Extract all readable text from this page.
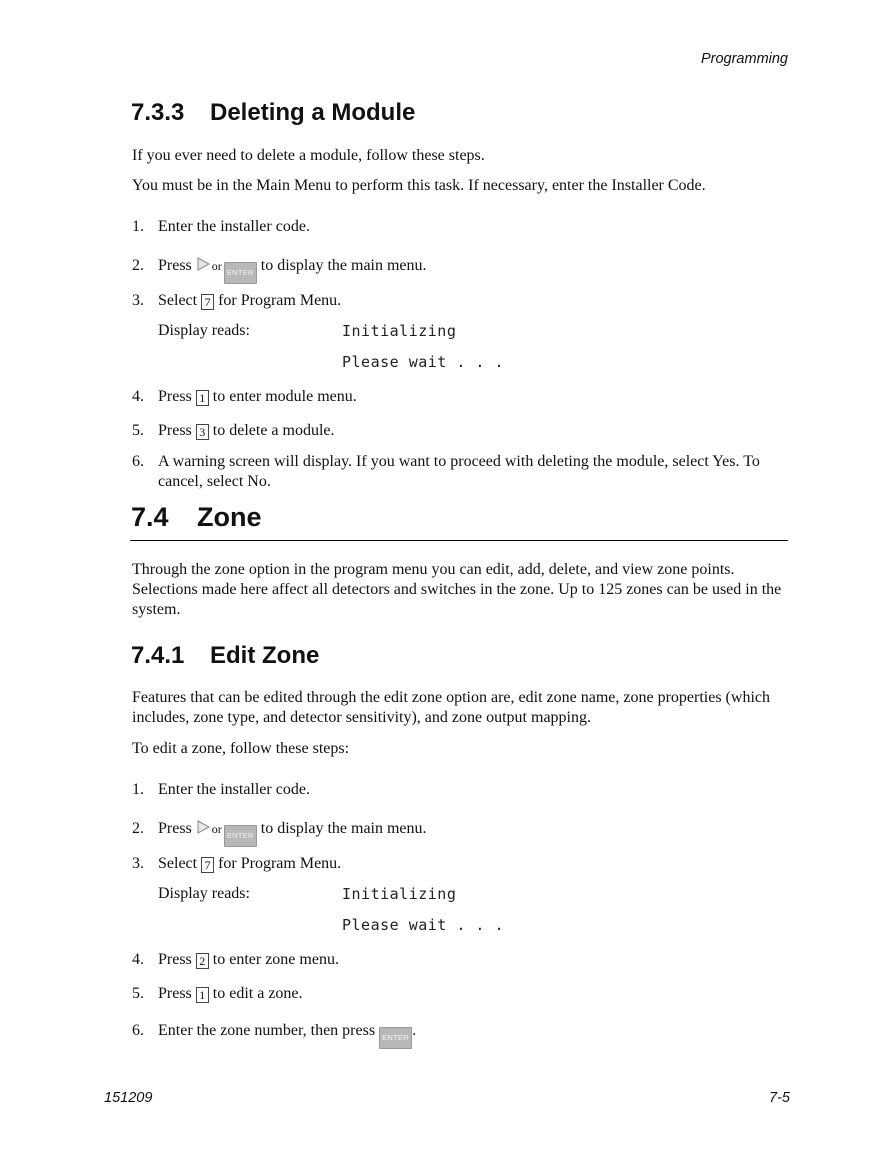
Programming
7.3.3 Deleting a Module
If you ever need to delete a module, follow these steps.
You must be in the Main Menu to perform this task. If necessary, enter the Installer Code.
1. Enter the installer code.
2. Press or ENTER to display the main menu.
3. Select 7 for Program Menu.
Display reads:	Initializing
Please wait . . .
4. Press 1 to enter module menu.
5. Press 3 to delete a module.
6. A warning screen will display. If you want to proceed with deleting the module, select Yes. To cancel, select No.
7.4 Zone
Through the zone option in the program menu you can edit, add, delete, and view zone points. Selections made here affect all detectors and switches in the zone. Up to 125 zones can be used in the system.
7.4.1 Edit Zone
Features that can be edited through the edit zone option are, edit zone name, zone properties (which includes, zone type, and detector sensitivity), and zone output mapping.
To edit a zone, follow these steps:
1. Enter the installer code.
2. Press or ENTER to display the main menu.
3. Select 7 for Program Menu.
Display reads:	Initializing
Please wait . . .
4. Press 2 to enter zone menu.
5. Press 1 to edit a zone.
6. Enter the zone number, then press ENTER .
151209	7-5
